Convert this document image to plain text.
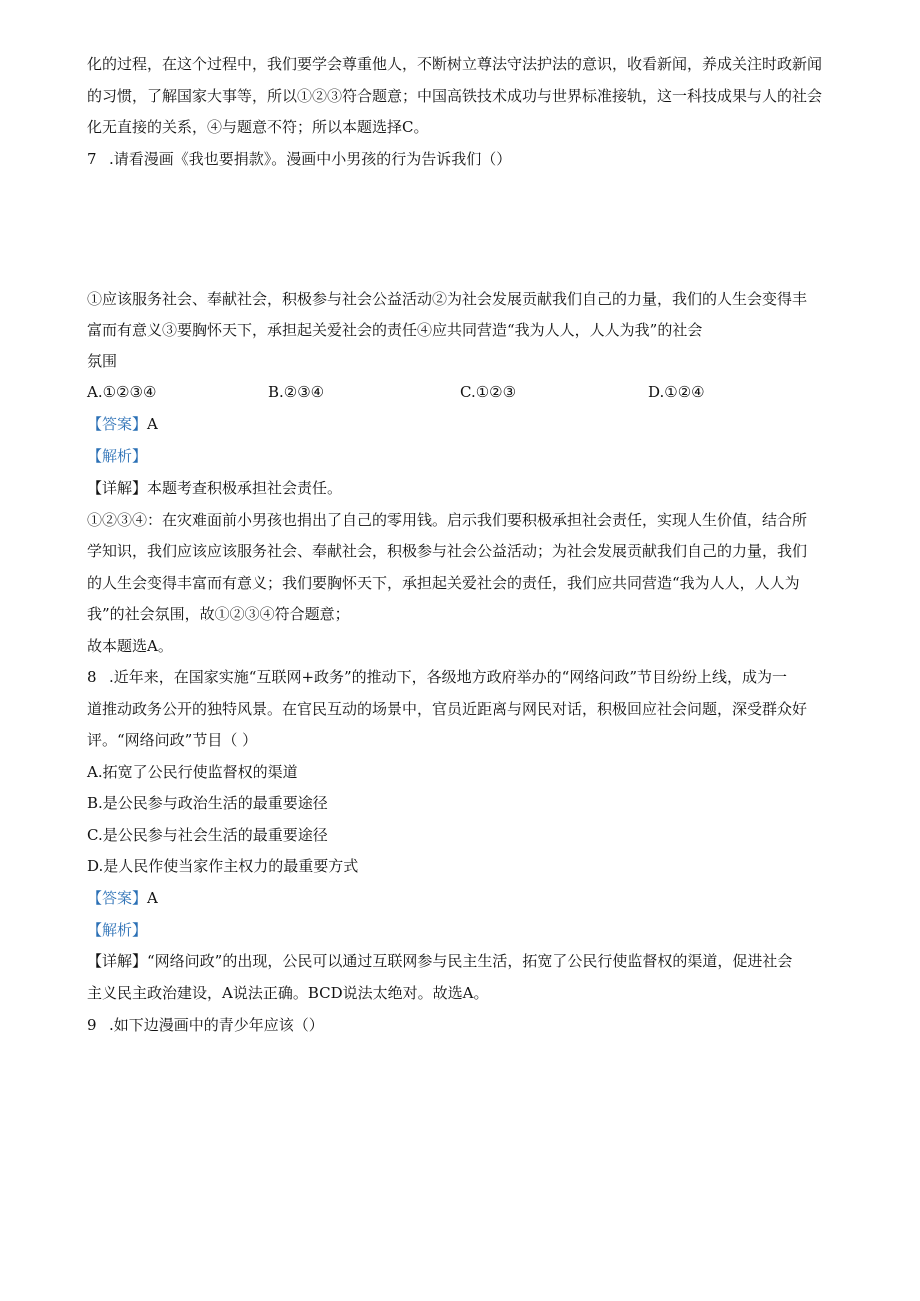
化的过程，在这个过程中，我们要学会尊重他人，不断树立尊法守法护法的意识，收看新闻，养成关注时政新闻
的习惯，了解国家大事等，所以①②③符合题意；中国高铁技术成功与世界标准接轨，这一科技成果与人的社会
化无直接的关系，④与题意不符；所以本题选择C。
7 .请看漫画《我也要捐款》。漫画中小男孩的行为告诉我们（）
①应该服务社会、奉献社会，积极参与社会公益活动②为社会发展贡献我们自己的力量，我们的人生会变得丰
富而有意义③要胸怀天下，承担起关爱社会的责任④应共同营造“我为人人，人人为我”的社会
氛围
A.①②③④	B.②③④	C.①②③	D.①②④
【答案】A
【解析】
【详解】本题考查积极承担社会责任。
①②③④：在灾难面前小男孩也捐出了自己的零用钱。启示我们要积极承担社会责任，实现人生价值，结合所
学知识，我们应该应该服务社会、奉献社会，积极参与社会公益活动；为社会发展贡献我们自己的力量，我们
的人生会变得丰富而有意义；我们要胸怀天下，承担起关爱社会的责任，我们应共同营造“我为人人，人人为
我”的社会氛围，故①②③④符合题意；
故本题选A。
8 .近年来，在国家实施“互联网+政务”的推动下，各级地方政府举办的“网络问政”节目纷纷上线，成为一
道推动政务公开的独特风景。在官民互动的场景中，官员近距离与网民对话，积极回应社会问题，深受群众好
评。“网络问政”节目（ ）
A.拓宽了公民行使监督权的渠道
B.是公民参与政治生活的最重要途径
C.是公民参与社会生活的最重要途径
D.是人民作使当家作主权力的最重要方式
【答案】A
【解析】
【详解】“网络问政”的出现，公民可以通过互联网参与民主生活，拓宽了公民行使监督权的渠道，促进社会
主义民主政治建设，A说法正确。BCD说法太绝对。故选A。
9 .如下边漫画中的青少年应该（）
